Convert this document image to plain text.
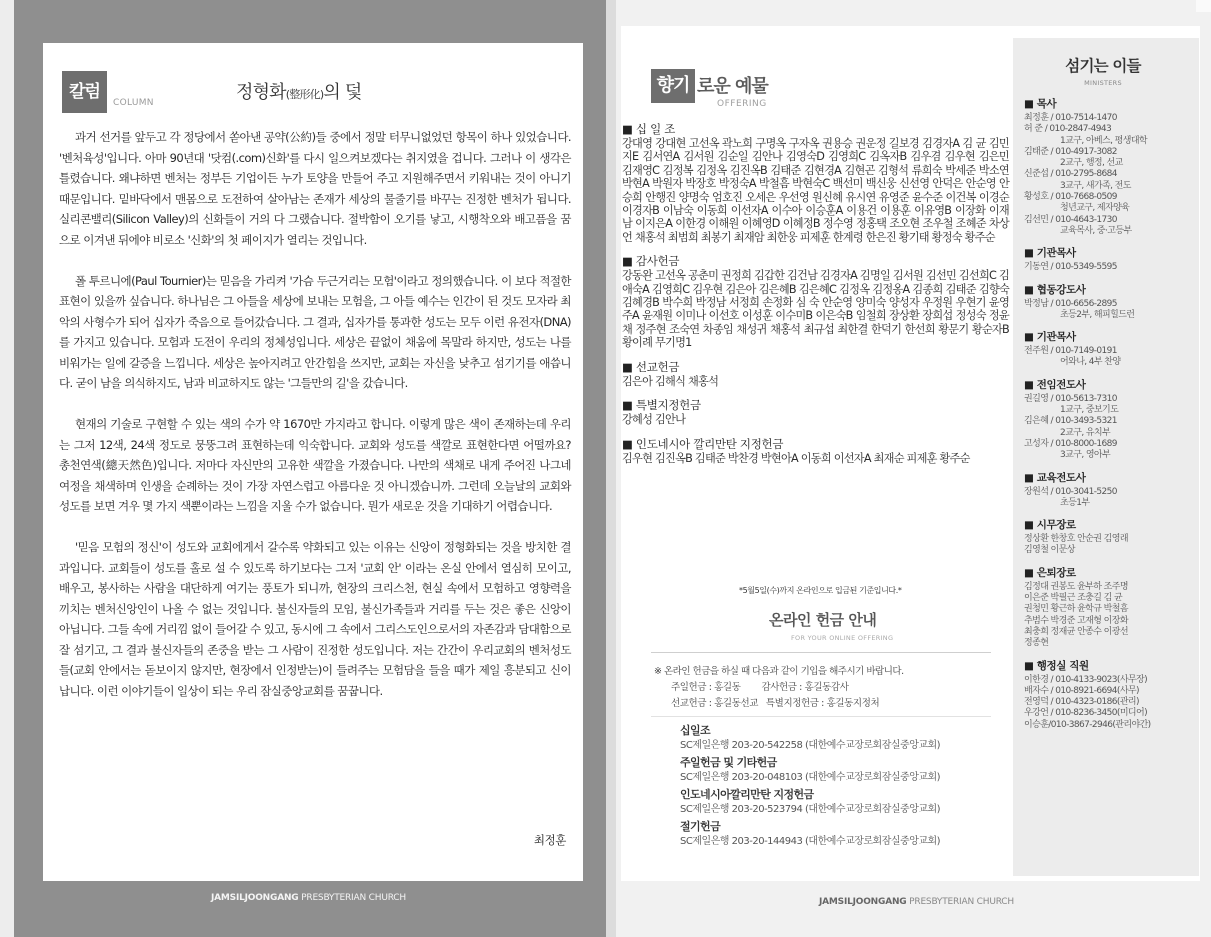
칼럼
COLUMN	정형화(整形化)의 덫

과거 선거를 앞두고 각 정당에서 쏟아낸 공약(公約)들 중에서 정말 터무니없었던 항목이 하나 있었습니다. '벤처육성'입니다. 아마 90년대 '닷컴(.com)신화'를 다시 일으켜보겠다는 취지였을 겁니다. 그러나 이 생각은 틀렸습니다. 왜냐하면 벤처는 정부든 기업이든 누가 토양을 만들어 주고 지원해주면서 키워내는 것이 아니기 때문입니다. 밑바닥에서 맨몸으로 도전하여 살아남는 존재가 세상의 물줄기를 바꾸는 진정한 벤처가 됩니다. 실리콘밸리(Silicon Valley)의 신화들이 거의 다 그랬습니다. 절박함이 오기를 낳고, 시행착오와 배고픔을 꿈으로 이겨낸 뒤에야 비로소 '신화'의 첫 페이지가 열리는 것입니다.

폴 투르니에(Paul Tournier)는 믿음을 가리켜 '가슴 두근거리는 모험'이라고 정의했습니다. 이 보다 적절한 표현이 있을까 싶습니다. 하나님은 그 아들을 세상에 보내는 모험을, 그 아들 예수는 인간이 된 것도 모자라 최악의 사형수가 되어 십자가 죽음으로 들어갔습니다. 그 결과, 십자가를 통과한 성도는 모두 이런 유전자(DNA)를 가지고 있습니다. 모험과 도전이 우리의 정체성입니다. 세상은 끝없이 채움에 목말라 하지만, 성도는 나를 비워가는 일에 갈증을 느낍니다. 세상은 높아지려고 안간힘을 쓰지만, 교회는 자신을 낮추고 섬기기를 애씁니다. 굳이 남을 의식하지도, 남과 비교하지도 않는 '그들만의 길'을 갔습니다.

현재의 기술로 구현할 수 있는 색의 수가 약 1670만 가지라고 합니다. 이렇게 많은 색이 존재하는데 우리는 그저 12색, 24색 정도로 뭉뚱그려 표현하는데 익숙합니다. 교회와 성도를 색깔로 표현한다면 어떨까요? 총천연색(總天然色)입니다. 저마다 자신만의 고유한 색깔을 가졌습니다. 나만의 색채로 내게 주어진 나그네 여정을 채색하며 인생을 순례하는 것이 가장 자연스럽고 아름다운 것 아니겠습니까. 그런데 오늘날의 교회와 성도를 보면 겨우 몇 가지 색뿐이라는 느낌을 지울 수가 없습니다. 뭔가 새로운 것을 기대하기 어렵습니다.

'믿음 모험의 정신'이 성도와 교회에게서 갈수록 약화되고 있는 이유는 신앙이 정형화되는 것을 방치한 결과입니다. 교회들이 성도를 홀로 설 수 있도록 하기보다는 그저 '교회 안' 이라는 온실 안에서 열심히 모이고, 배우고, 봉사하는 사람을 대단하게 여기는 풍토가 되니까, 현장의 크리스천, 현실 속에서 모험하고 영향력을 끼치는 벤처신앙인이 나올 수 없는 것입니다. 불신자들의 모임, 불신가족들과 거리를 두는 것은 좋은 신앙이 아닙니다. 그들 속에 거리낌 없이 들어갈 수 있고, 동시에 그 속에서 그리스도인으로서의 자존감과 담대함으로 잘 섬기고, 그 결과 불신자들의 존중을 받는 그 사람이 진정한 성도입니다. 저는 간간이 우리교회의 벤처성도들(교회 안에서는 돋보이지 않지만, 현장에서 인정받는)이 들려주는 모험담을 들을 때가 제일 흥분되고 신이 납니다. 이런 이야기들이 일상이 되는 우리 잠실중앙교회를 꿈꿉니다.

최정훈
JAMSILJOONGANG PRESBYTERIAN CHURCH
향기 로운 예물
OFFERING
■ 십 일 조
강대영 강대현 고선옥 곽노희 구명옥 구자옥 권용승 권운정 길보경 김경자A 김 균 김민지E 김서연A 김서원 김순일 김안나 김영숙D 김영희C 김옥자B 김우겸 김우현 김은민 김재영C 김정복 김정옥 김진옥B 김태준 김현경A 김현곤 김형석 류희숙 박세준 박소연 박현A 박원자 박장호 박정숙A 박철흠 박현숙C 백선미 백신웅 신선영 안덕은 안순영 안승희 안행진 양명숙 엄호진 오세은 우선영 원신혜 유시연 유영준 윤수준 이건복 이경순 이경자B 이남숙 이동희 이선자A 이수아 이승훈A 이용건 이용훈 이유영B 이장화 이재남 이지은A 이한경 이해원 이혜영D 이혜정B 정수영 정홍택 조오현 조우철 조혜준 차상언 채홍석 최범희 최봉기 최재암 최한웅 피제훈 한계령 한은진 황기태 황정숙 황주순
■ 감사헌금
강동완 고선옥 공춘미 권정희 김갑한 김건남 김경자A 김명일 김서원 김선민 김선희C 김애숙A 김영희C 김우현 김은아 김은혜B 김은혜C 김정옥 김정옹A 김종희 김태준 김향숙 김혜경B 박수희 박정남 서정희 손정화 심 숙 안순영 양미숙 양성자 우정원 우현기 윤영주A 윤재원 이미나 이선호 이성훈 이수미B 이은숙B 임철희 장상환 장희섭 정성숙 정윤채 정주현 조숙연 차종임 채성귀 채홍석 최규섭 최한결 한덕기 한선희 황문기 황순자B 황이례 무기명1
■ 선교헌금
김은아 김해식 채홍석
■ 특별지정헌금
강혜성 김안나
■ 인도네시아 깔리만탄 지정헌금
김우현 김진옥B 김태준 박찬경 박현아A 이동희 이선자A 최재순 피제훈 황주순
*5월5일(수)까지 온라인으로 입금된 기준입니다.*
온라인 헌금 안내
FOR YOUR ONLINE OFFERING
※ 온라인 헌금을 하실 때 다음과 같이 기입을 해주시기 바랍니다.
주일헌금 : 홍길동        감사헌금 : 홍길동감사
선교헌금 : 홍길동선교   특별지정헌금 : 홍길동지정처
십일조
SC제일은행 203-20-542258 (대한예수교장로회잠실중앙교회)
주일헌금 및 기타헌금
SC제일은행 203-20-048103 (대한예수교장로회잠실중앙교회)
인도네시아깔리만탄 지정헌금
SC제일은행 203-20-523794 (대한예수교장로회잠실중앙교회)
절기헌금
SC제일은행 203-20-144943 (대한예수교장로회잠실중앙교회)
섬기는 이들
MINISTERS
■ 목사
최정훈 / 010-7514-1470
허 준 / 010-2847-4943
1교구, 아베스, 평생대학
김태준 / 010-4917-3082
2교구, 행정, 선교
신준섭 / 010-2795-8684
3교구, 새가족, 전도
황성호 / 010-7668-0509
청년교구, 제자양육
김선민 / 010-4643-1730
교육목사, 중·고등부
■ 기관목사
기동연 / 010-5349-5595
■ 협동강도사
박정남 / 010-6656-2895
초등2부, 해피힐드런
■ 기관목사
전주원 / 010-7149-0191
어와나, 4부 찬양
■ 전임전도사
권길영 / 010-5613-7310
1교구, 중보기도
김은혜 / 010-3493-5321
2교구, 유치부
고성자 / 010-8000-1689
3교구, 영아부
■ 교육전도사
장원석 / 010-3041-5250
초등1부
■ 시무장로
정상환 한창호 안순권 김영래
김영철 이문상
■ 은퇴장로
김정대 권봉도 윤부하 조주명
이은준 박필근 조충길 김 균
권청민 황근하 윤학규 박철흠
추범수 박경준 고재형 이장화
최충희 정재균 안종수 이광선
정종현
■ 행정실 직원
이한경 / 010-4133-9023(사무장)
배자수 / 010-8921-6694(사무)
전영덕 / 010-4323-0186(관리)
우강언 / 010-8236-3450(미디어)
이승훈/010-3867-2946(관리야간)
JAMSILJOONGANG PRESBYTERIAN CHURCH
